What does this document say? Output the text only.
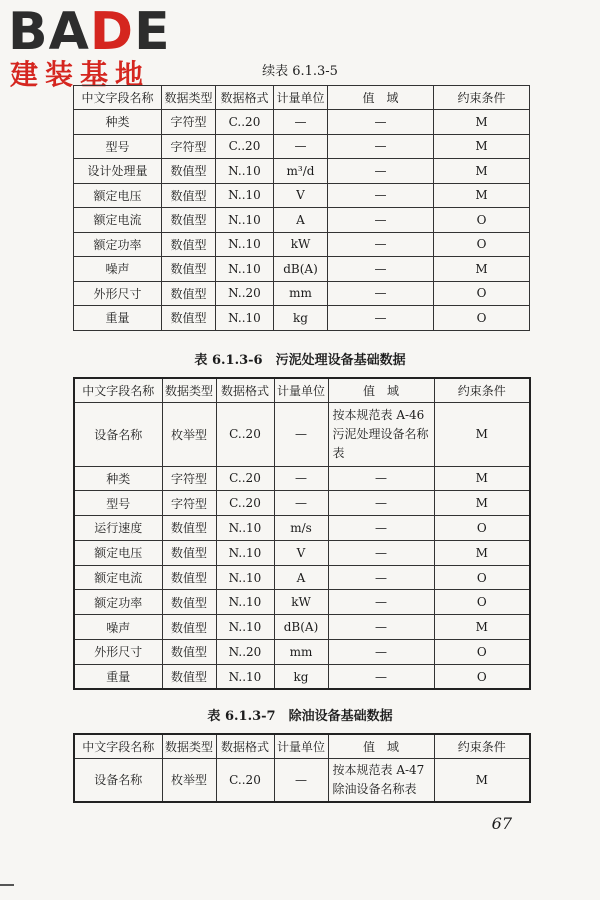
BADE
建装基地	续表 6.1.3-5
中文字段名称	数据类型	数据格式	计量单位	值　域	约束条件
种类	字符型	C..20	—	—	M
型号	字符型	C..20	—	—	M
设计处理量	数值型	N..10	m³/d	—	M
额定电压	数值型	N..10	V	—	M
额定电流	数值型	N..10	A	—	O
额定功率	数值型	N..10	kW	—	O
噪声	数值型	N..10	dB(A)	—	M
外形尺寸	数值型	N..20	mm	—	O
重量	数值型	N..10	kg	—	O
表 6.1.3-6　污泥处理设备基础数据
中文字段名称	数据类型	数据格式	计量单位	值　域	约束条件
设备名称	枚举型	C..20	—	按本规范表 A-46 污泥处理设备名称表	M
种类	字符型	C..20	—	—	M
型号	字符型	C..20	—	—	M
运行速度	数值型	N..10	m/s	—	O
额定电压	数值型	N..10	V	—	M
额定电流	数值型	N..10	A	—	O
额定功率	数值型	N..10	kW	—	O
噪声	数值型	N..10	dB(A)	—	M
外形尺寸	数值型	N..20	mm	—	O
重量	数值型	N..10	kg	—	O
表 6.1.3-7　除油设备基础数据
中文字段名称	数据类型	数据格式	计量单位	值　域	约束条件
设备名称	枚举型	C..20	—	按本规范表 A-47 除油设备名称表	M
67
